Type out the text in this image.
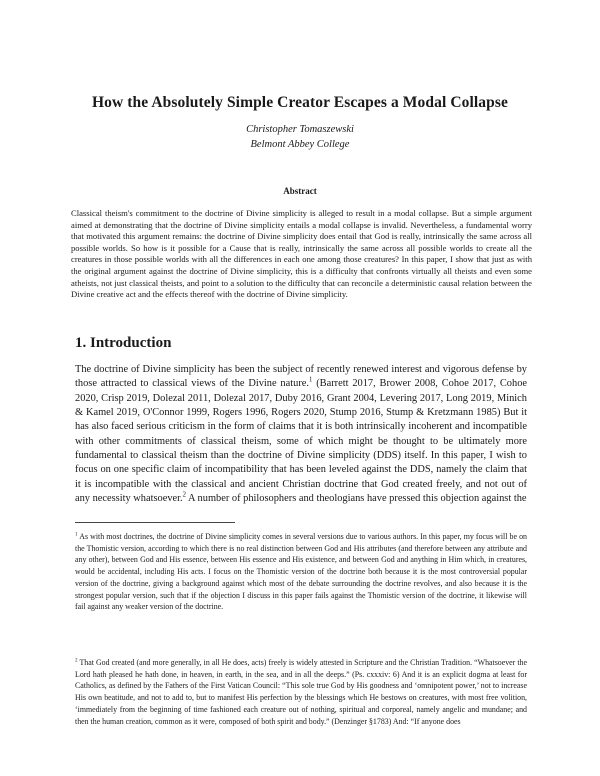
How the Absolutely Simple Creator Escapes a Modal Collapse
Christopher Tomaszewski
Belmont Abbey College
Abstract

Classical theism's commitment to the doctrine of Divine simplicity is alleged to result in a modal collapse. But a simple argument aimed at demonstrating that the doctrine of Divine simplicity entails a modal collapse is invalid. Nevertheless, a fundamental worry that motivated this argument remains: the doctrine of Divine simplicity does entail that God is really, intrinsically the same across all possible worlds. So how is it possible for a Cause that is really, intrinsically the same across all possible worlds to create all the creatures in those possible worlds with all the differences in each one among those creatures? In this paper, I show that just as with the original argument against the doctrine of Divine simplicity, this is a difficulty that confronts virtually all theists and even some atheists, not just classical theists, and point to a solution to the difficulty that can reconcile a deterministic causal relation between the Divine creative act and the effects thereof with the doctrine of Divine simplicity.

1. Introduction

The doctrine of Divine simplicity has been the subject of recently renewed interest and vigorous defense by those attracted to classical views of the Divine nature.$^1$ (Barrett 2017, Brower 2008, Cohoe 2017, Cohoe 2020, Crisp 2019, Dolezal 2011, Dolezal 2017, Duby 2016, Grant 2004, Levering 2017, Long 2019, Minich & Kamel 2019, O'Connor 1999, Rogers 1996, Rogers 2020, Stump 2016, Stump & Kretzmann 1985) But it has also faced serious criticism in the form of claims that it is both intrinsically incoherent and incompatible with other commitments of classical theism, some of which might be thought to be ultimately more fundamental to classical theism than the doctrine of Divine simplicity (DDS) itself. In this paper, I wish to focus on one specific claim of incompatibility that has been leveled against the DDS, namely the claim that it is incompatible with the classical and ancient Christian doctrine that God created freely, and not out of any necessity whatsoever.$^2$ A number of philosophers and theologians have pressed this objection against the

$^1$ As with most doctrines, the doctrine of Divine simplicity comes in several versions due to various authors. In this paper, my focus will be on the Thomistic version, according to which there is no real distinction between God and His attributes (and therefore between any attribute and any other), between God and His essence, between His essence and His existence, and between God and anything in Him which, in creatures, would be accidental, including His acts. I focus on the Thomistic version of the doctrine both because it is the most controversial popular version of the doctrine, giving a background against which most of the debate surrounding the doctrine revolves, and also because it is the strongest popular version, such that if the objection I discuss in this paper fails against the Thomistic version of the doctrine, it likewise will fail against any weaker version of the doctrine.

$^2$ That God created (and more generally, in all He does, acts) freely is widely attested in Scripture and the Christian Tradition. “Whatsoever the Lord hath pleased he hath done, in heaven, in earth, in the sea, and in all the deeps.” (Ps. cxxxiv: 6) And it is an explicit dogma at least for Catholics, as defined by the Fathers of the First Vatican Council: “This sole true God by His goodness and ‘omnipotent power,’ not to increase His own beatitude, and not to add to, but to manifest His perfection by the blessings which He bestows on creatures, with most free volition, ‘immediately from the beginning of time fashioned each creature out of nothing, spiritual and corporeal, namely angelic and mundane; and then the human creation, common as it were, composed of both spirit and body.” (Denzinger §1783) And: “If anyone does
